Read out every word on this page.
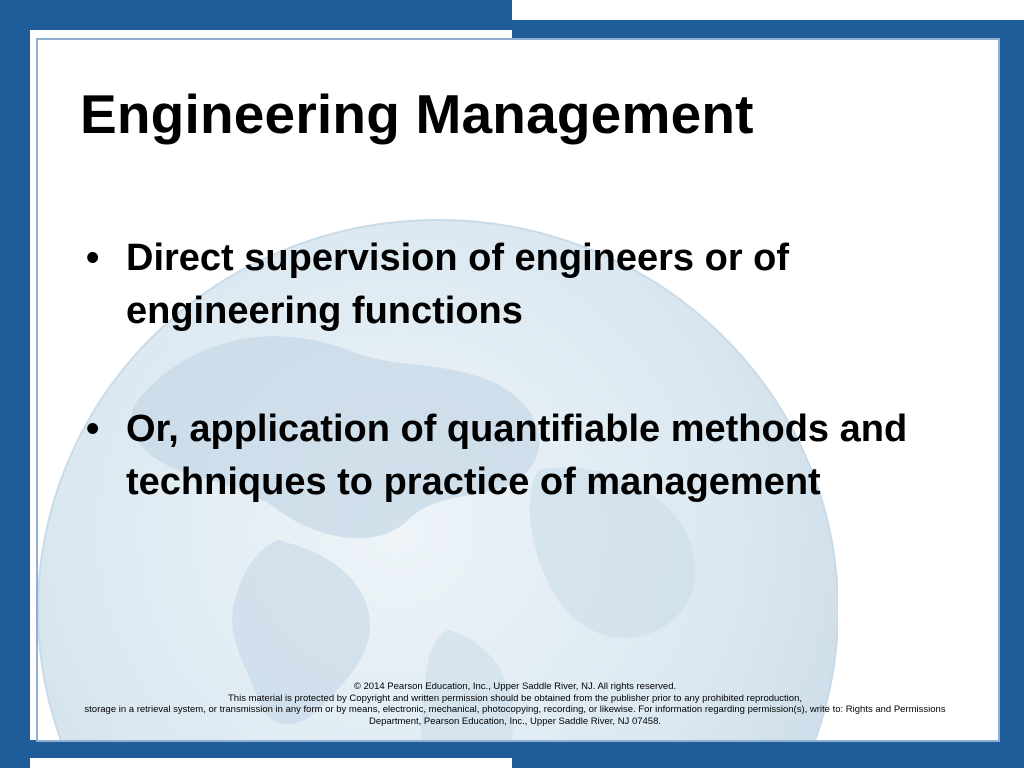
Engineering Management
• Direct supervision of engineers or of engineering functions
• Or, application of quantifiable methods and techniques to practice of management
© 2014 Pearson Education, Inc., Upper Saddle River, NJ. All rights reserved.
This material is protected by Copyright and written permission should be obtained from the publisher prior to any prohibited reproduction,
storage in a retrieval system, or transmission in any form or by means, electronic, mechanical, photocopying, recording, or likewise. For information regarding permission(s), write to: Rights and Permissions
Department, Pearson Education, Inc., Upper Saddle River, NJ 07458.
